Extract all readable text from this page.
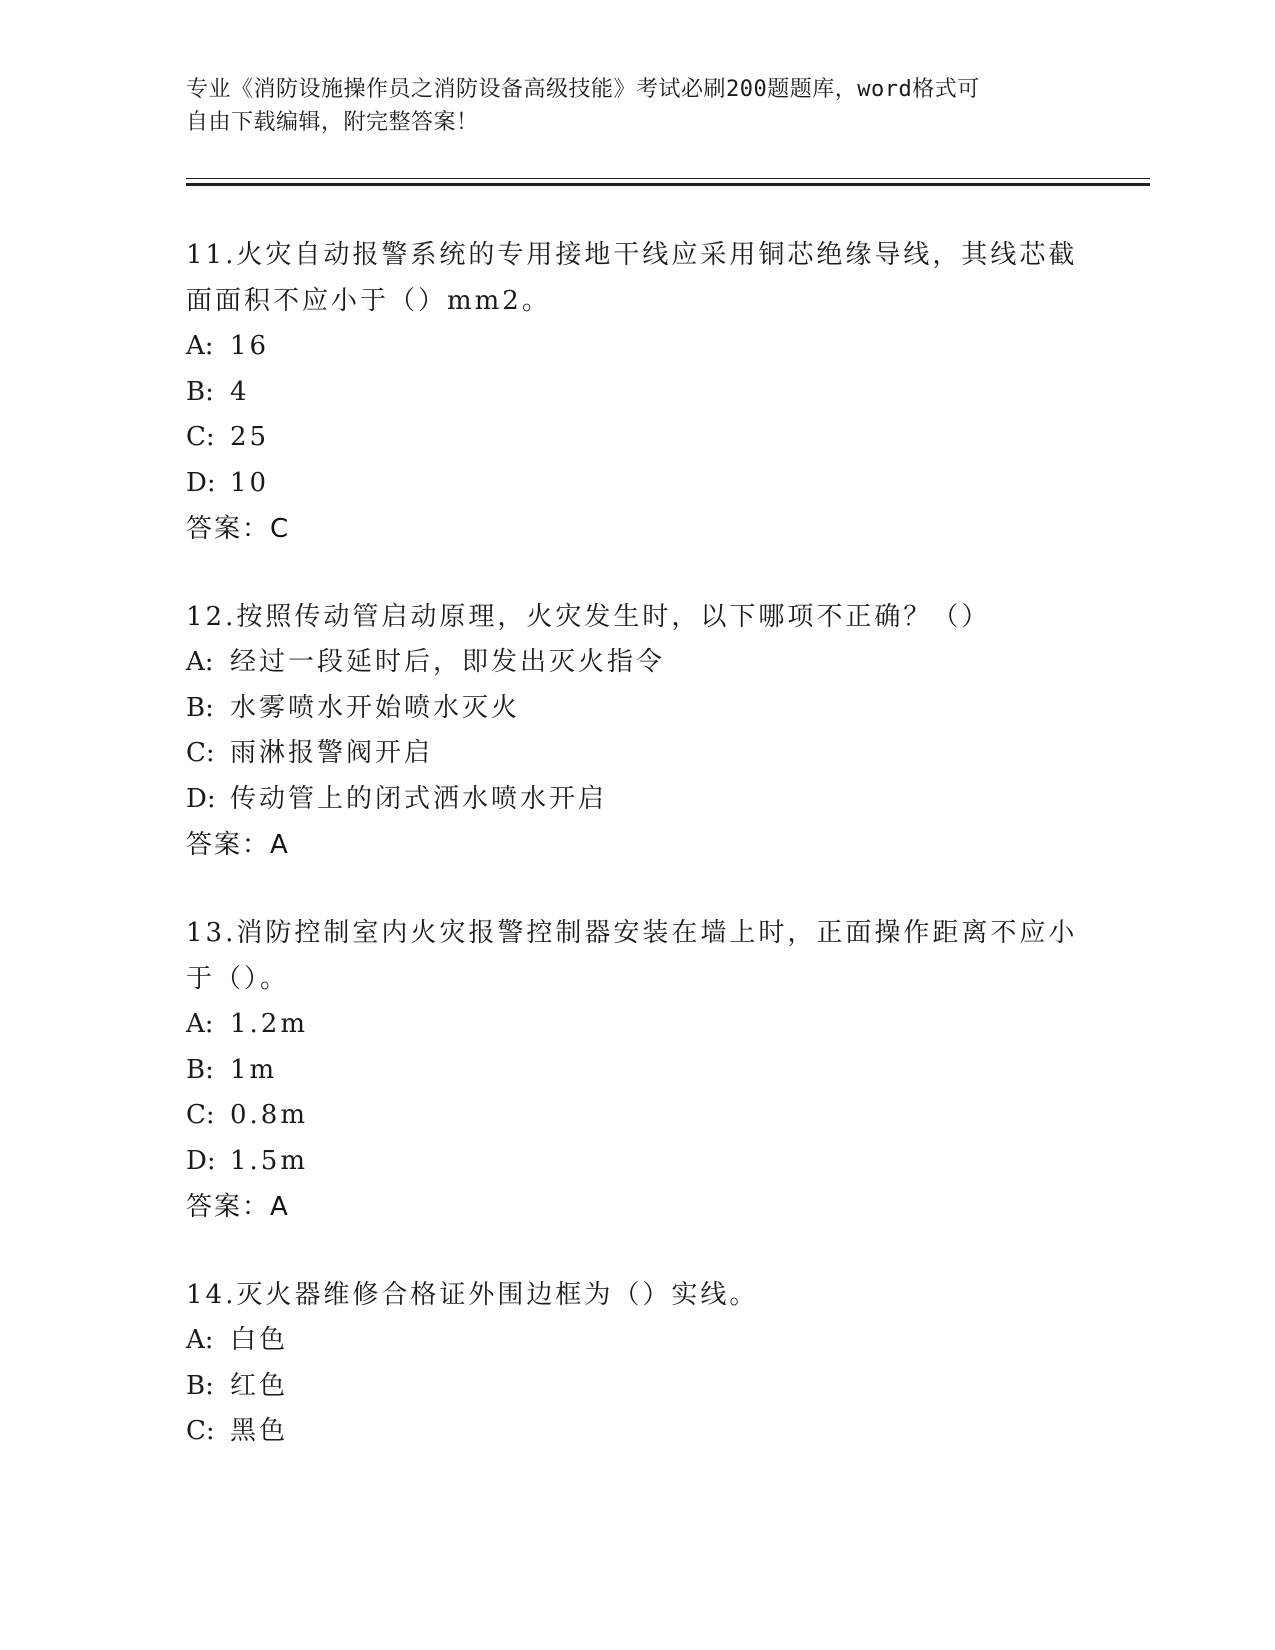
专业《消防设施操作员之消防设备高级技能》考试必刷200题题库，word格式可
自由下载编辑，附完整答案！

11.火灾自动报警系统的专用接地干线应采用铜芯绝缘导线，其线芯截

面面积不应小于（）mm2。

A: 16

B: 4

C: 25

D: 10

答案：C

12.按照传动管启动原理，火灾发生时，以下哪项不正确？（）

A: 经过一段延时后，即发出灭火指令

B: 水雾喷水开始喷水灭火

C: 雨淋报警阀开启

D: 传动管上的闭式洒水喷水开启

答案：A

13.消防控制室内火灾报警控制器安装在墙上时，正面操作距离不应小

于（）。

A: 1.2m

B: 1m

C: 0.8m

D: 1.5m

答案：A

14.灭火器维修合格证外围边框为（）实线。

A: 白色

B: 红色

C: 黑色
